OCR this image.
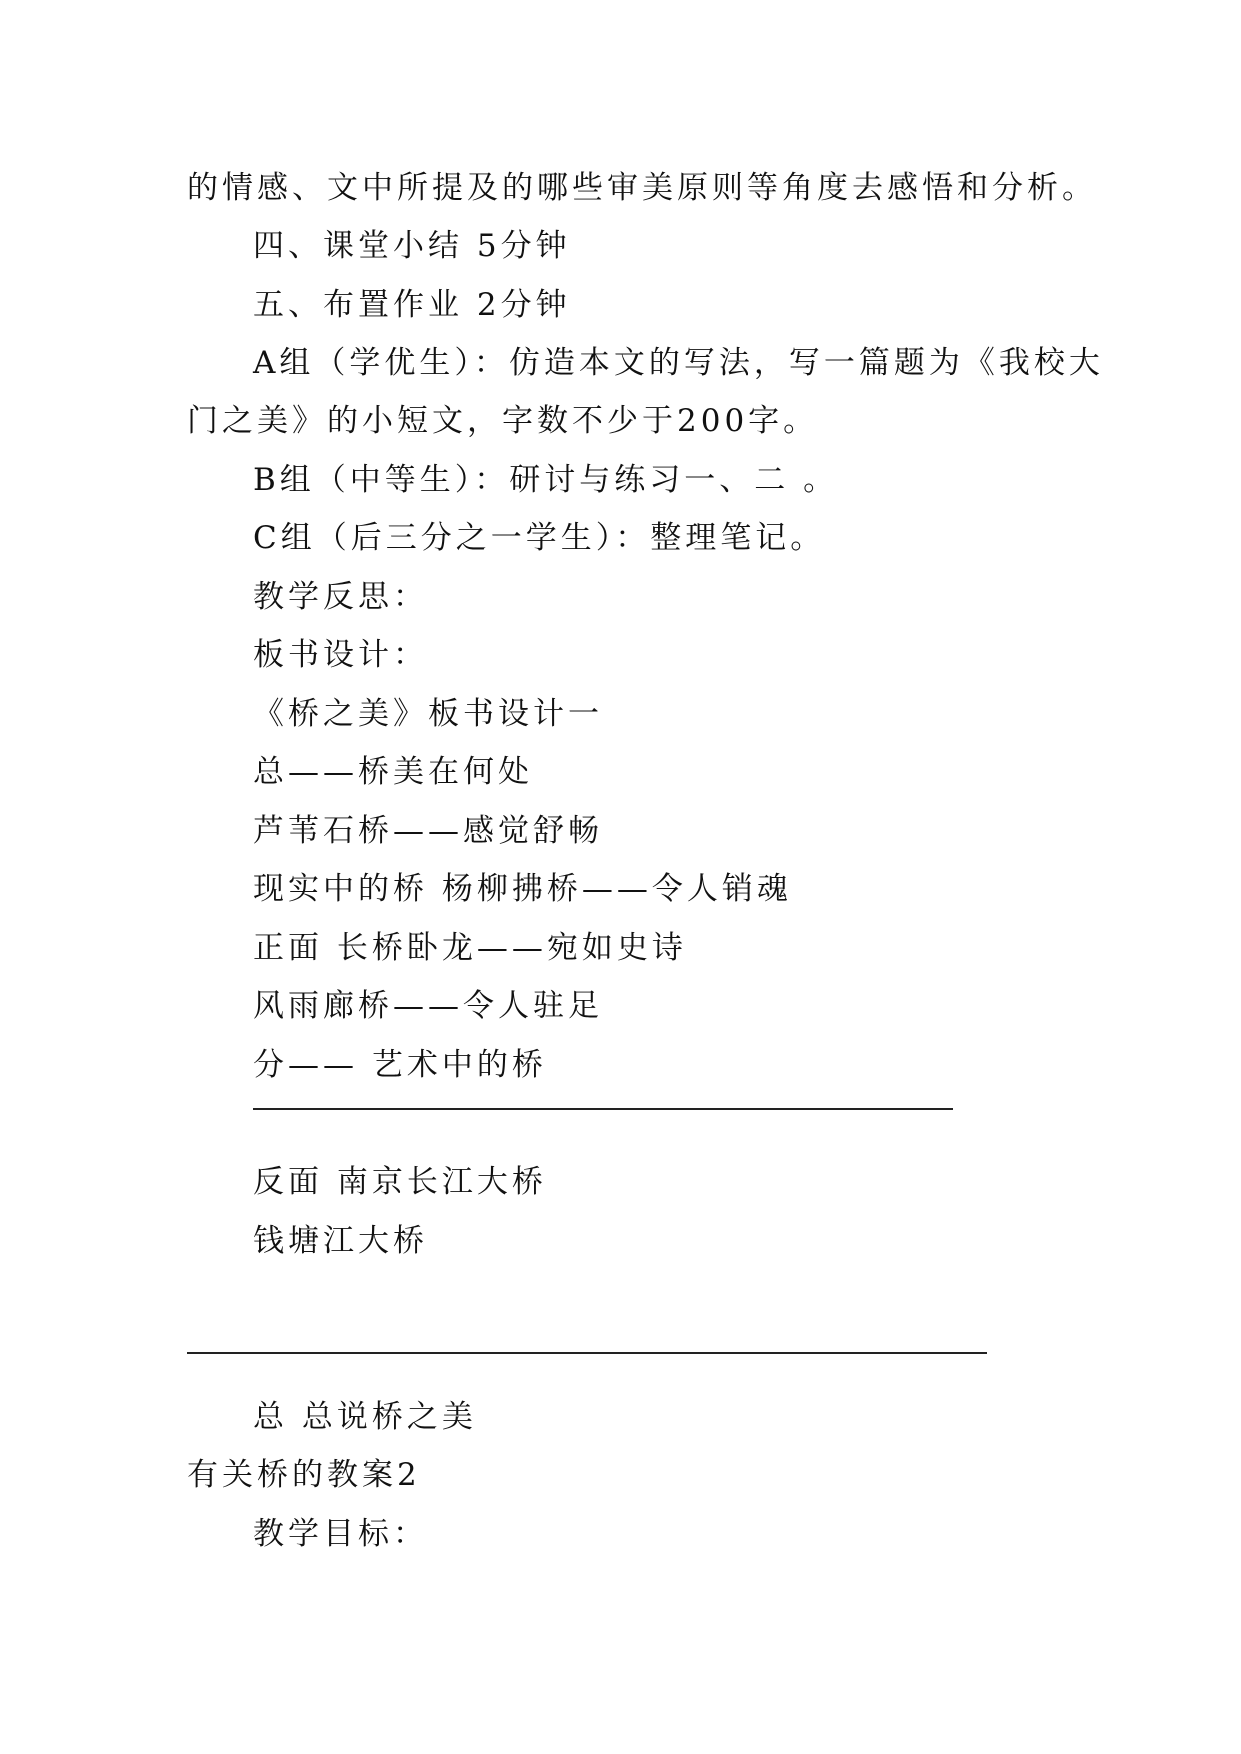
的情感、文中所提及的哪些审美原则等角度去感悟和分析。
四、课堂小结 5分钟
五、布置作业 2分钟
A组（学优生）：仿造本文的写法，写一篇题为《我校大
门之美》的小短文，字数不少于200字。
B组（中等生）：研讨与练习一、二 。
C组（后三分之一学生）：整理笔记。
教学反思：
板书设计：
《桥之美》板书设计一
总——桥美在何处
芦苇石桥——感觉舒畅
现实中的桥 杨柳拂桥——令人销魂
正面 长桥卧龙——宛如史诗
风雨廊桥——令人驻足
分—— 艺术中的桥
反面 南京长江大桥
钱塘江大桥
总 总说桥之美
有关桥的教案2
教学目标：
